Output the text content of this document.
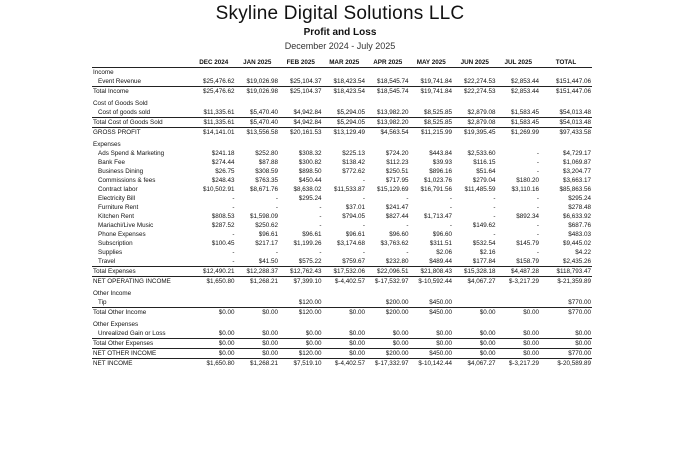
Skyline Digital Solutions LLC
Profit and Loss
December 2024 - July 2025
	DEC 2024	JAN 2025	FEB 2025	MAR 2025	APR 2025	MAY 2025	JUN 2025	JUL 2025	TOTAL
Income									
Event Revenue	$25,476.62	$19,026.98	$25,104.37	$18,423.54	$18,545.74	$19,741.84	$22,274.53	$2,853.44	$151,447.06
Total Income	$25,476.62	$19,026.98	$25,104.37	$18,423.54	$18,545.74	$19,741.84	$22,274.53	$2,853.44	$151,447.06

Cost of Goods Sold									
Cost of goods sold	$11,335.61	$5,470.40	$4,942.84	$5,294.05	$13,982.20	$8,525.85	$2,879.08	$1,583.45	$54,013.48
Total Cost of Goods Sold	$11,335.61	$5,470.40	$4,942.84	$5,294.05	$13,982.20	$8,525.85	$2,879.08	$1,583.45	$54,013.48
GROSS PROFIT	$14,141.01	$13,556.58	$20,161.53	$13,129.49	$4,563.54	$11,215.99	$19,395.45	$1,269.99	$97,433.58

Expenses									
Ads Spend & Marketing	$241.18	$252.80	$308.32	$225.13	$724.20	$443.84	$2,533.60	-	$4,729.17
Bank Fee	$274.44	$87.88	$300.82	$138.42	$112.23	$39.93	$116.15	-	$1,069.87
Business Dining	$26.75	$308.59	$898.50	$772.62	$250.51	$896.16	$51.64	-	$3,204.77
Commissions & fees	$248.43	$763.35	$450.44	-	$717.95	$1,023.76	$279.04	$180.20	$3,663.17
Contract labor	$10,502.91	$8,671.76	$8,638.02	$11,533.87	$15,129.69	$16,791.56	$11,485.59	$3,110.16	$85,863.56
Electricity Bill	-	-	$295.24	-	-	-	-	-	$295.24
Furniture Rent	-	-	-	$37.01	$241.47	-	-	-	$278.48
Kitchen Rent	$808.53	$1,598.09	-	$794.05	$827.44	$1,713.47	-	$892.34	$6,633.92
Mariachi/Live Music	$287.52	$250.62	-	-	-	-	$149.62	-	$687.76
Phone Expenses	-	$96.61	$96.61	$96.61	$96.60	$96.60	-	-	$483.03
Subscription	$100.45	$217.17	$1,199.26	$3,174.68	$3,763.62	$311.51	$532.54	$145.79	$9,445.02
Supplies	-	-	-	-	-	$2.06	$2.16	-	$4.22
Travel	-	$41.50	$575.22	$759.67	$232.80	$489.44	$177.84	$158.79	$2,435.26
Total Expenses	$12,490.21	$12,288.37	$12,762.43	$17,532.06	$22,096.51	$21,808.43	$15,328.18	$4,487.28	$118,793.47
NET OPERATING INCOME	$1,650.80	$1,268.21	$7,399.10	$-4,402.57	$-17,532.97	$-10,592.44	$4,067.27	$-3,217.29	$-21,359.89

Other Income									
Tip			$120.00		$200.00	$450.00			$770.00
Total Other Income	$0.00	$0.00	$120.00	$0.00	$200.00	$450.00	$0.00	$0.00	$770.00

Other Expenses									
Unrealized Gain or Loss	$0.00	$0.00	$0.00	$0.00	$0.00	$0.00	$0.00	$0.00	$0.00
Total Other Expenses	$0.00	$0.00	$0.00	$0.00	$0.00	$0.00	$0.00	$0.00	$0.00
NET OTHER INCOME	$0.00	$0.00	$120.00	$0.00	$200.00	$450.00	$0.00	$0.00	$770.00
NET INCOME	$1,650.80	$1,268.21	$7,519.10	$-4,402.57	$-17,332.97	$-10,142.44	$4,067.27	$-3,217.29	$-20,589.89
